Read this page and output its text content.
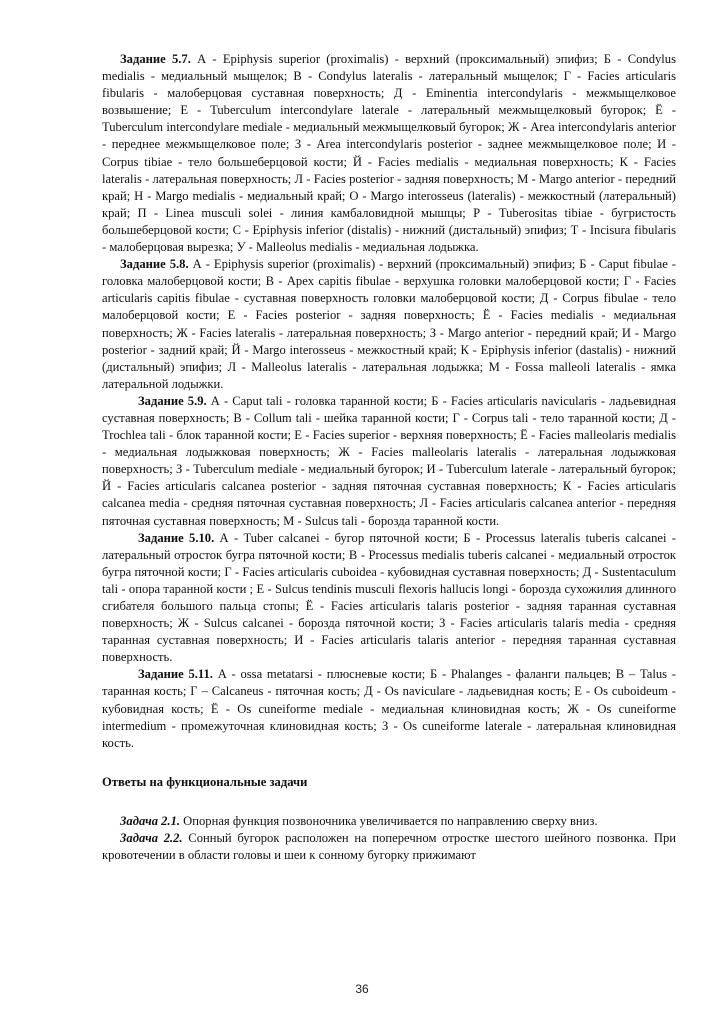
Задание 5.7. А - Epiphysis superior (proximalis) - верхний (проксимальный) эпифиз; Б - Condylus medialis - медиальный мыщелок; В - Condylus lateralis - латеральный мыщелок; Г - Facies articularis fibularis - малоберцовая суставная поверхность; Д - Eminentia intercondylaris - межмыщелковое возвышение; Е - Tuberculum intercondylare laterale - латеральный межмыщелковый бугорок; Ё - Tuberculum intercondylare mediale - медиальный межмыщелковый бугорок; Ж - Area intercondylaris anterior - переднее межмыщелковое поле; З - Area intercondylaris posterior - заднее межмыщелковое поле; И - Corpus tibiae - тело большеберцовой кости; Й - Facies medialis - медиальная поверхность; К - Facies lateralis - латеральная поверхность; Л - Facies posterior - задняя поверхность; М - Margo anterior - передний край; Н - Margo medialis - медиальный край; О - Margo interosseus (lateralis) - межкостный (латеральный) край; П - Linea musculi solei - линия камбаловидной мышцы; Р - Tuberositas tibiae - бугристость большеберцовой кости; С - Epiphysis inferior (distalis) - нижний (дистальный) эпифиз; Т - Incisura fibularis - малоберцовая вырезка; У - Malleolus medialis - медиальная лодыжка.

Задание 5.8. А - Epiphysis superior (proximalis) - верхний (проксимальный) эпифиз; Б - Caput fibulae - головка малоберцовой кости; В - Apex capitis fibulae - верхушка головки малоберцовой кости; Г - Facies articularis capitis fibulae - суставная поверхность головки малоберцовой кости; Д - Corpus fibulae - тело малоберцовой кости; Е - Facies posterior - задняя поверхность; Ё - Facies medialis - медиальная поверхность; Ж - Facies lateralis - латеральная поверхность; З - Margo anterior - передний край; И - Margo posterior - задний край; Й - Margo interosseus - межкостный край; К - Epiphysis inferior (dastalis) - нижний (дистальный) эпифиз; Л - Malleolus lateralis - латеральная лодыжка; М - Fossa malleoli lateralis - ямка латеральной лодыжки.

Задание 5.9. А - Caput tali - головка таранной кости; Б - Facies articularis navicularis - ладьевидная суставная поверхность; В - Collum tali - шейка таранной кости; Г - Corpus tali - тело таранной кости; Д - Trochlea tali - блок таранной кости; Е - Facies superior - верхняя поверхность; Ё - Facies malleolaris medialis - медиальная лодыжковая поверхность; Ж - Facies malleolaris lateralis - латеральная лодыжковая поверхность; З - Tuberculum mediale - медиальный бугорок; И - Tuberculum laterale - латеральный бугорок; Й - Facies articularis calcanea posterior - задняя пяточная суставная поверхность; К - Facies articularis calcanea media - средняя пяточная суставная поверхность; Л - Facies articularis calcanea anterior - передняя пяточная суставная поверхность; М - Sulcus tali - борозда таранной кости.

Задание 5.10. А - Tuber calcanei - бугор пяточной кости; Б - Processus lateralis tuberis calcanei - латеральный отросток бугра пяточной кости; В - Processus medialis tuberis calcanei - медиальный отросток бугра пяточной кости; Г - Facies articularis cuboidea - кубовидная суставная поверхность; Д - Sustentaculum tali - опора таранной кости ; Е - Sulcus tendinis musculi flexoris hallucis longi - борозда сухожилия длинного сгибателя большого пальца стопы; Ё - Facies articularis talaris posterior - задняя таранная суставная поверхность; Ж - Sulcus calcanei - борозда пяточной кости; З - Facies articularis talaris media - средняя таранная суставная поверхность; И - Facies articularis talaris anterior - передняя таранная суставная поверхность.

Задание 5.11. А - ossa metatarsi - плюсневые кости; Б - Phalanges - фаланги пальцев; В – Talus - таранная кость; Г – Calcaneus - пяточная кость; Д - Os naviculare - ладьевидная кость; Е - Os cuboideum - кубовидная кость; Ё - Os cuneiforme mediale - медиальная клиновидная кость; Ж - Os cuneiforme intermedium - промежуточная клиновидная кость; З - Os cuneiforme laterale - латеральная клиновидная кость.

Ответы на функциональные задачи

Задача 2.1. Опорная функция позвоночника увеличивается по направлению сверху вниз.

Задача 2.2. Сонный бугорок расположен на поперечном отростке шестого шейного позвонка. При кровотечении в области головы и шеи к сонному бугорку прижимают

36
